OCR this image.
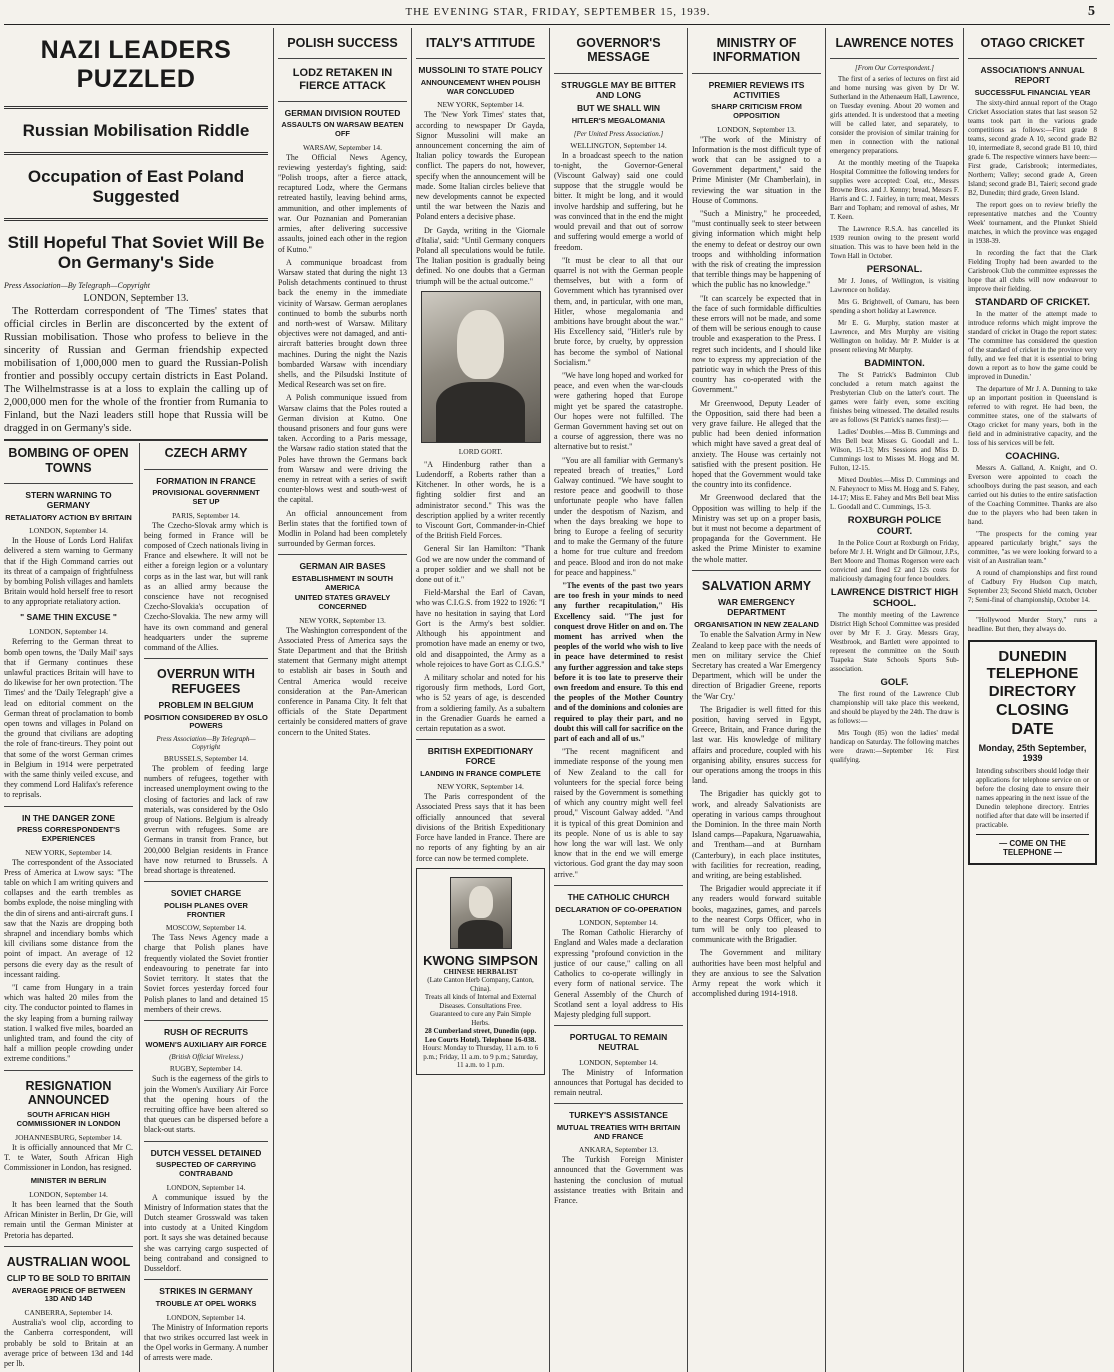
THE EVENING STAR, FRIDAY, SEPTEMBER 15, 1939.	5
NAZI LEADERS PUZZLED
Russian Mobilisation Riddle
Occupation of East Poland Suggested
Still Hopeful That Soviet Will Be On Germany's Side
Press Association—By Telegraph—Copyright
LONDON, September 13.

The Rotterdam correspondent of 'The Times' states that official circles in Berlin are disconcerted by the extent of Russian mobilisation. Those who profess to believe in the sincerity of Russian and German friendship expected mobilisation of 1,000,000 men to guard the Russian-Polish frontier and possibly occupy certain districts in East Poland. The Wilhelmstrasse is at a loss to explain the calling up of 2,000,000 men for the whole of the frontier from Rumania to Finland, but the Nazi leaders still hope that Russia will be dragged in on Germany's side.

BOMBING OF OPEN TOWNS
STERN WARNING TO GERMANY
RETALIATORY ACTION BY BRITAIN
LONDON, September 14.

In the House of Lords Lord Halifax delivered a stern warning to Germany that if the High Command carries out its threat of a campaign of frightfulness by bombing Polish villages and hamlets Britain would hold herself free to resort to any appropriate retaliatory action.

" SAME THIN EXCUSE "
LONDON, September 14.

Referring to the German threat to bomb open towns, the 'Daily Mail' says that if Germany continues these unlawful practices Britain will have to do likewise for her own protection. 'The Times' and the 'Daily Telegraph' give a lead on editorial comment on the German threat of proclamation to bomb open towns and villages in Poland on the ground that civilians are adopting the role of franc-tireurs. They point out that some of the worst German crimes in Belgium in 1914 were perpetrated with the same thinly veiled excuse, and they commend Lord Halifax's reference to reprisals.

IN THE DANGER ZONE
PRESS CORRESPONDENT'S EXPERIENCES
NEW YORK, September 14.

The correspondent of the Associated Press of America at Lwow says: "The table on which I am writing quivers and collapses and the earth trembles as bombs explode, the noise mingling with the din of sirens and anti-aircraft guns. I saw that the Nazis are dropping both shrapnel and incendiary bombs which kill civilians some distance from the point of impact. An average of 12 persons die every day as the result of incessant raiding.

"I came from Hungary in a train which was halted 20 miles from the city. The conductor pointed to flames in the sky leaping from a burning railway station. I walked five miles, boarded an unlighted tram, and found the city of half a million people crowding under extreme conditions."

RESIGNATION ANNOUNCED
SOUTH AFRICAN HIGH COMMISSIONER IN LONDON
JOHANNESBURG, September 14.

It is officially announced that Mr C. T. te Water, South African High Commissioner in London, has resigned.

MINISTER IN BERLIN
LONDON, September 14.

It has been learned that the South African Minister in Berlin, Dr Gie, will remain until the German Minister at Pretoria has departed.

AUSTRALIAN WOOL
CLIP TO BE SOLD TO BRITAIN
AVERAGE PRICE OF BETWEEN 13D AND 14D
CANBERRA, September 14.

Australia's wool clip, according to the Canberra correspondent, will probably be sold to Britain at an average price of between 13d and 14d per lb.

CZECH ARMY
FORMATION IN FRANCE
PROVISIONAL GOVERNMENT SET UP
PARIS, September 14.

The Czecho-Slovak army which is being formed in France will be composed of Czech nationals living in France and elsewhere. It will not be either a foreign legion or a voluntary corps as in the last war, but will rank as an allied army because the conscience have not recognised Czecho-Slovakia's occupation of Czecho-Slovakia. The new army will have its own command and general headquarters under the supreme command of the Allies.

OVERRUN WITH REFUGEES
PROBLEM IN BELGIUM
POSITION CONSIDERED BY OSLO POWERS
Press Association—By Telegraph—Copyright
BRUSSELS, September 14.

The problem of feeding large numbers of refugees, together with increased unemployment owing to the closing of factories and lack of raw materials, was considered by the Oslo group of Nations. Belgium is already overrun with refugees. Some are Germans in transit from France, but 200,000 Belgian residents in France have now returned to Brussels. A bread shortage is threatened.

SOVIET CHARGE
POLISH PLANES OVER FRONTIER
MOSCOW, September 14.

The Tass News Agency made a charge that Polish planes have frequently violated the Soviet frontier endeavouring to penetrate far into Soviet territory. It states that the Soviet forces yesterday forced four Polish planes to land and detained 15 members of their crews.

RUSH OF RECRUITS
WOMEN'S AUXILIARY AIR FORCE
(British Official Wireless.)
RUGBY, September 14.

Such is the eagerness of the girls to join the Women's Auxiliary Air Force that the opening hours of the recruiting office have been altered so that queues can be dispersed before a black-out starts.

DUTCH VESSEL DETAINED
SUSPECTED OF CARRYING CONTRABAND
LONDON, September 14.

A communique issued by the Ministry of Information states that the Dutch steamer Grosswald was taken into custody at a United Kingdom port. It says she was detained because she was carrying cargo suspected of being contraband and consigned to Dusseldorf.

STRIKES IN GERMANY
TROUBLE AT OPEL WORKS
LONDON, September 14.

The Ministry of Information reports that two strikes occurred last week in the Opel works in Germany. A number of arrests were made.

POLISH SUCCESS
LODZ RETAKEN IN FIERCE ATTACK
GERMAN DIVISION ROUTED
ASSAULTS ON WARSAW BEATEN OFF
WARSAW, September 14.

The Official News Agency, reviewing yesterday's fighting, said: "Polish troops, after a fierce attack, recaptured Lodz, where the Germans retreated hastily, leaving behind arms, ammunition, and other implements of war. Our Poznanian and Pomeranian armies, after delivering successive assaults, joined each other in the region of Kutno."

A communique broadcast from Warsaw stated that during the night 13 Polish detachments continued to thrust back the enemy in the immediate vicinity of Warsaw. German aeroplanes continued to bomb the suburbs north and north-west of Warsaw. Military objectives were not damaged, and anti-aircraft batteries brought down three machines. During the night the Nazis bombarded Warsaw with incendiary shells, and the Pilsudski Institute of Medical Research was set on fire.

A Polish communique issued from Warsaw claims that the Poles routed a German division at Kutno. One thousand prisoners and four guns were taken. According to a Paris message, the Warsaw radio station stated that the Poles have thrown the Germans back from Warsaw and were driving the enemy in retreat with a series of swift counter-blows west and south-west of the capital.

An official announcement from Berlin states that the fortified town of Modlin in Poland had been completely surrounded by German forces.

GERMAN AIR BASES
ESTABLISHMENT IN SOUTH AMERICA
UNITED STATES GRAVELY CONCERNED
NEW YORK, September 13.

The Washington correspondent of the Associated Press of America says the State Department and that the British statement that Germany might attempt to establish air bases in South and Central America would receive consideration at the Pan-American conference in Panama City. It felt that officials of the State Department certainly be considered matters of grave concern to the United States.

ITALY'S ATTITUDE
MUSSOLINI TO STATE POLICY
ANNOUNCEMENT WHEN POLISH WAR CONCLUDED
NEW YORK, September 14.

The 'New York Times' states that, according to newspaper Dr Gayda, Signor Mussolini will make an announcement concerning the aim of Italian policy towards the European conflict. The papers do not, however, specify when the announcement will be made. Some Italian circles believe that new developments cannot be expected until the war between the Nazis and Poland enters a decisive phase.

Dr Gayda, writing in the 'Giornale d'Italia', said: "Until Germany conquers Poland all speculations would be futile. The Italian position is gradually being defined. No one doubts that a German triumph will be the actual outcome."

LORD GORT.

"A Hindenburg rather than a Ludendorff, a Roberts rather than a Kitchener. In other words, he is a fighting soldier first and an administrator second." This was the description applied by a writer recently to Viscount Gort, Commander-in-Chief of the British Field Forces.

General Sir Ian Hamilton: "Thank God we are now under the command of a proper soldier and we shall not be done out of it."

Field-Marshal the Earl of Cavan, who was C.I.G.S. from 1922 to 1926: "I have no hesitation in saying that Lord Gort is the Army's best soldier. Although his appointment and promotion have made an enemy or two, old and disappointed, the Army as a whole rejoices to have Gort as C.I.G.S."

A military scholar and noted for his rigorously firm methods, Lord Gort, who is 52 years of age, is descended from a soldiering family. As a subaltern in the Grenadier Guards he earned a certain reputation as a swot.

BRITISH EXPEDITIONARY FORCE
LANDING IN FRANCE COMPLETE
NEW YORK, September 14.

The Paris correspondent of the Associated Press says that it has been officially announced that several divisions of the British Expeditionary Force have landed in France. There are no reports of any fighting by an air force can now be termed complete.

KWONG SIMPSON
CHINESE HERBALIST
(Late Canton Herb Company, Canton, China).
Treats all kinds of Internal and External Diseases. Consultations Free.
Guaranteed to cure any Pain Simple Herbs.
28 Cumberland street, Dunedin (opp. Leo Courts Hotel). Telephone 16-038.
Hours: Monday to Thursday, 11 a.m. to 6 p.m.; Friday, 11 a.m. to 9 p.m.; Saturday, 11 a.m. to 1 p.m.
GOVERNOR'S MESSAGE
STRUGGLE MAY BE BITTER AND LONG
BUT WE SHALL WIN
HITLER'S MEGALOMANIA
[Per United Press Association.]
WELLINGTON, September 14.

In a broadcast speech to the nation to-night, the Governor-General (Viscount Galway) said one could suppose that the struggle would be bitter. It might be long, and it would involve hardship and suffering, but he was convinced that in the end the might would prevail and that out of sorrow and suffering would emerge a world of freedom.

"It must be clear to all that our quarrel is not with the German people themselves, but with a form of Government which has tyrannised over them, and, in particular, with one man, Hitler, whose megalomania and ambitions have brought about the war." His Excellency said, "Hitler's rule by brute force, by cruelty, by oppression has become the symbol of National Socialism."

"We have long hoped and worked for peace, and even when the war-clouds were gathering hoped that Europe might yet be spared the catastrophe. Our hopes were not fulfilled. The German Government having set out on a course of aggression, there was no alternative but to resist."

"You are all familiar with Germany's repeated breach of treaties," Lord Galway continued. "We have sought to restore peace and goodwill to those unfortunate people who have fallen under the despotism of Nazism, and when the days breaking we hope to bring to Europe a feeling of security and to make the Germany of the future a home for true culture and freedom and peace. Blood and iron do not make for peace and happiness."

"The events of the past two years are too fresh in your minds to need any further recapitulation," His Excellency said. "The just for conquest drove Hitler on and on. The moment has arrived when the peoples of the world who wish to live in peace have determined to resist any further aggression and take steps before it is too late to preserve their own freedom and ensure. To this end the peoples of the Mother Country and of the dominions and colonies are required to play their part, and no doubt this will call for sacrifice on the part of each and all of us."

"The recent magnificent and immediate response of the young men of New Zealand to the call for volunteers for the special force being raised by the Government is something of which any country might well feel proud," Viscount Galway added. "And it is typical of this great Dominion and its people. None of us is able to say how long the war will last. We only know that in the end we will emerge victorious. God grant the day may soon arrive."

THE CATHOLIC CHURCH
DECLARATION OF CO-OPERATION
LONDON, September 14.

The Roman Catholic Hierarchy of England and Wales made a declaration expressing "profound conviction in the justice of our cause," calling on all Catholics to co-operate willingly in every form of national service. The General Assembly of the Church of Scotland sent a loyal address to His Majesty pledging full support.

PORTUGAL TO REMAIN NEUTRAL
LONDON, September 14.

The Ministry of Information announces that Portugal has decided to remain neutral.

TURKEY'S ASSISTANCE
MUTUAL TREATIES WITH BRITAIN AND FRANCE
ANKARA, September 13.

The Turkish Foreign Minister announced that the Government was hastening the conclusion of mutual assistance treaties with Britain and France.

MINISTRY OF INFORMATION
PREMIER REVIEWS ITS ACTIVITIES
SHARP CRITICISM FROM OPPOSITION
LONDON, September 13.

"The work of the Ministry of Information is the most difficult type of work that can be assigned to a Government department," said the Prime Minister (Mr Chamberlain), in reviewing the war situation in the House of Commons.

"Such a Ministry," he proceeded, "must continually seek to steer between giving information which might help the enemy to defeat or destroy our own troops and withholding information with the risk of creating the impression that terrible things may be happening of which the public has no knowledge."

"It can scarcely be expected that in the face of such formidable difficulties these errors will not be made, and some of them will be serious enough to cause trouble and exasperation to the Press. I regret such incidents, and I should like now to express my appreciation of the patriotic way in which the Press of this country has co-operated with the Government."

Mr Greenwood, Deputy Leader of the Opposition, said there had been a very grave failure. He alleged that the public had been denied information which might have saved a great deal of anxiety. The House was certainly not satisfied with the present position. He hoped that the Government would take the country into its confidence.

Mr Greenwood declared that the Opposition was willing to help if the Ministry was set up on a proper basis, but it must not become a department of propaganda for the Government. He asked the Prime Minister to examine the whole matter.

SALVATION ARMY
WAR EMERGENCY DEPARTMENT
ORGANISATION IN NEW ZEALAND

To enable the Salvation Army in New Zealand to keep pace with the needs of men on military service the Chief Secretary has created a War Emergency Department, which will be under the direction of Brigadier Greene, reports the 'War Cry.'

The Brigadier is well fitted for this position, having served in Egypt, Greece, Britain, and France during the last war. His knowledge of military affairs and procedure, coupled with his organising ability, ensures success for our operations among the troops in this land.

The Brigadier has quickly got to work, and already Salvationists are operating in various camps throughout the Dominion. In the three main North Island camps—Papakura, Ngaruawahia, and Trentham—and at Burnham (Canterbury), in each place institutes, with facilities for recreation, reading, and writing, are being established.

The Brigadier would appreciate it if any readers would forward suitable books, magazines, games, and parcels to the nearest Corps Officer, who in turn will be only too pleased to communicate with the Brigadier.

The Government and military authorities have been most helpful and they are anxious to see the Salvation Army repeat the work which it accomplished during 1914-1918.

LAWRENCE NOTES
[From Our Correspondent.]

The first of a series of lectures on first aid and home nursing was given by Dr W. Sutherland in the Athenaeum Hall, Lawrence, on Tuesday evening. About 20 women and girls attended. It is understood that a meeting will be called later, and separately, to consider the provision of similar training for men in connection with the national emergency preparations.

At the monthly meeting of the Tuapeka Hospital Committee the following tenders for supplies were accepted: Coal, etc., Messrs Browne Bros. and J. Kenny; bread, Messrs F. Harris and C. J. Fairley, in turn; meat, Messrs Barr and Topham; and removal of ashes, Mr T. Keen.

The Lawrence R.S.A. has cancelled its 1939 reunion owing to the present world situation. This was to have been held in the Town Hall in October.

PERSONAL.

Mr J. Jones, of Wellington, is visiting Lawrence on holiday.

Mrs G. Brightwell, of Oamaru, has been spending a short holiday at Lawrence.

Mr E. G. Murphy, station master at Lawrence, and Mrs Murphy are visiting Wellington on holiday. Mr P. Mulder is at present relieving Mr Murphy.

BADMINTON.

The St Patrick's Badminton Club concluded a return match against the Presbyterian Club on the latter's court. The games were fairly even, some exciting finishes being witnessed. The detailed results are as follows (St Patrick's names first):—

Ladies' Doubles.—Miss B. Cummings and Mrs Bell beat Misses G. Goodall and L. Wilson, 15-13; Mrs Sessions and Miss D. Cummings lost to Misses M. Hogg and M. Fulton, 12-15.

Mixed Doubles.—Miss D. Cummings and N. Faheyлост to Miss M. Hogg and S. Fahey, 14-17; Miss E. Fahey and Mrs Bell beat Miss L. Goodall and C. Cummings, 15-3.

ROXBURGH POLICE COURT.

In the Police Court at Roxburgh on Friday, before Mr J. H. Wright and Dr Gilmour, J.P.s, Bert Moore and Thomas Rogerson were each convicted and fined £2 and 12s costs for maliciously damaging four fence boulders.

LAWRENCE DISTRICT HIGH SCHOOL.

The monthly meeting of the Lawrence District High School Committee was presided over by Mr F. J. Gray. Messrs Gray, Westbrook, and Bartlett were appointed to represent the committee on the South Tuapeka State Schools Sports Sub-association.

GOLF.

The first round of the Lawrence Club championship will take place this weekend, and should be played by the 24th. The draw is as follows:—

Mrs Tough (85) won the ladies' medal handicap on Saturday. The following matches were drawn:—September 16: First qualifying.

OTAGO CRICKET
ASSOCIATION'S ANNUAL REPORT
SUCCESSFUL FINANCIAL YEAR

The sixty-third annual report of the Otago Cricket Association states that last season 52 teams took part in the various grade competitions as follows:—First grade 8 teams, second grade A 10, second grade B2 10, intermediate 8, second grade B1 10, third grade 6. The respective winners have been:—First grade, Carisbrook; intermediates, Northern; Valley; second grade A, Green Island; second grade B1, Taieri; second grade B2, Dunedin; third grade, Green Island.

The report goes on to review briefly the representative matches and the 'Country Week' tournament, and the Plunket Shield matches, in which the province was engaged in 1938-39.

In recording the fact that the Clark Fielding Trophy had been awarded to the Carisbrook Club the committee expresses the hope that all clubs will now endeavour to improve their fielding.

STANDARD OF CRICKET.

In the matter of the attempt made to introduce reforms which might improve the standard of cricket in Otago the report states: 'The committee has considered the question of the standard of cricket in the province very fully, and we feel that it is essential to bring down a report as to how the game could be improved in Dunedin.'

The departure of Mr J. A. Dunning to take up an important position in Queensland is referred to with regret. He had been, the committee states, one of the stalwarts of Otago cricket for many years, both in the field and in administrative capacity, and the loss of his services will be felt.

COACHING.

Messrs A. Galland, A. Knight, and O. Everson were appointed to coach the schoolboys during the past season, and each carried out his duties to the entire satisfaction of the Coaching Committee. Thanks are also due to the players who had been taken in hand.

"The prospects for the coming year appeared particularly bright," says the committee, "as we were looking forward to a visit of an Australian team."

A round of championships and first round of Cadbury Fry Hudson Cup match, September 23; Second Shield match, October 7; Semi-final of championship, October 14.

"Hollywood Murder Story," runs a headline. But then, they always do.

DUNEDIN
TELEPHONE DIRECTORY
CLOSING DATE
Monday, 25th September, 1939

Intending subscribers should lodge their applications for telephone service on or before the closing date to ensure their names appearing in the next issue of the Dunedin telephone directory. Entries notified after that date will be inserted if practicable.

— COME ON THE TELEPHONE —
